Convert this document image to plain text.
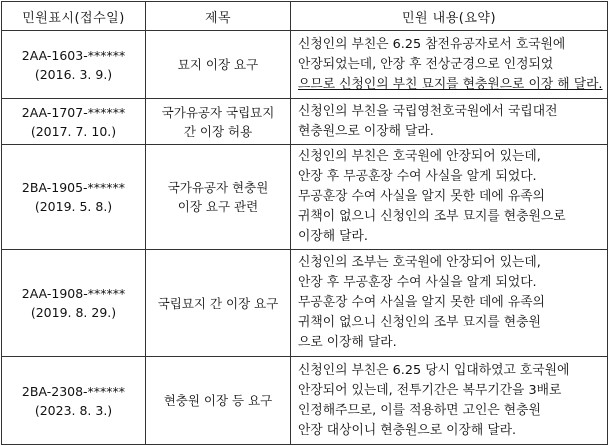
민원표시(접수일)	제목	민원 내용(요약)

2AA-1603-******
(2016. 3. 9.)	묘지 이장 요구	신청인의 부친은 6.25 참전유공자로서 호국원에
안장되었는데, 안장 후 전상군경으로 인정되었
으므로 신청인의 부친 묘지를 현충원으로 이장 해 달라.

2AA-1707-******
(2017. 7. 10.)	국가유공자 국립묘지
간 이장 허용	신청인의 부친을 국립영천호국원에서 국립대전
현충원으로 이장해 달라.

2BA-1905-******
(2019. 5. 8.)	국가유공자 현충원
이장 요구 관련	신청인의 부친은 호국원에 안장되어 있는데,
안장 후 무공훈장 수여 사실을 알게 되었다.
무공훈장 수여 사실을 알지 못한 데에 유족의
귀책이 없으니 신청인의 조부 묘지를 현충원으로
이장해 달라.

2AA-1908-******
(2019. 8. 29.)	국립묘지 간 이장 요구	신청인의 조부는 호국원에 안장되어 있는데,
안장 후 무공훈장 수여 사실을 알게 되었다.
무공훈장 수여 사실을 알지 못한 데에 유족의
귀책이 없으니 신청인의 조부 묘지를 현충원
으로 이장해 달라.

2BA-2308-******
(2023. 8. 3.)	현충원 이장 등 요구	신청인의 부친은 6.25 당시 입대하였고 호국원에
안장되어 있는데, 전투기간은 복무기간을 3배로
인정해주므로, 이를 적용하면 고인은 현충원
안장 대상이니 현충원으로 이장해 달라.
